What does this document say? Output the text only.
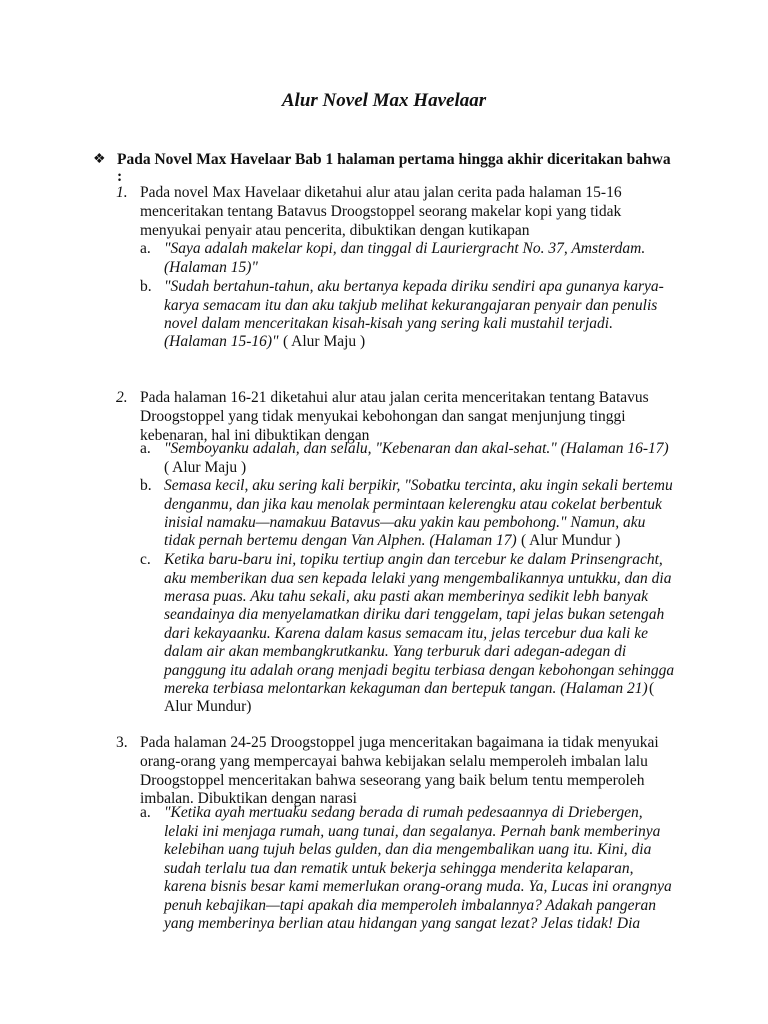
Alur Novel Max Havelaar
❖ Pada Novel Max Havelaar Bab 1 halaman pertama hingga akhir diceritakan bahwa
:
1. Pada novel Max Havelaar diketahui alur atau jalan cerita pada halaman 15-16
menceritakan tentang Batavus Droogstoppel seorang makelar kopi yang tidak
menyukai penyair atau pencerita, dibuktikan dengan kutikapan
a. "Saya adalah makelar kopi, dan tinggal di Lauriergracht No. 37, Amsterdam.
(Halaman 15)"
b. "Sudah bertahun-tahun, aku bertanya kepada diriku sendiri apa gunanya karya-
karya semacam itu dan aku takjub melihat kekurangajaran penyair dan penulis
novel dalam menceritakan kisah-kisah yang sering kali mustahil terjadi.
(Halaman 15-16)" ( Alur Maju )
2. Pada halaman 16-21 diketahui alur atau jalan cerita menceritakan tentang Batavus
Droogstoppel yang tidak menyukai kebohongan dan sangat menjunjung tinggi
kebenaran, hal ini dibuktikan dengan
a. "Semboyanku adalah, dan selalu, "Kebenaran dan akal-sehat." (Halaman 16-17)
( Alur Maju )
b. Semasa kecil, aku sering kali berpikir, "Sobatku tercinta, aku ingin sekali bertemu
denganmu, dan jika kau menolak permintaan kelerengku atau cokelat berbentuk
inisial namaku—namakuu Batavus—aku yakin kau pembohong." Namun, aku
tidak pernah bertemu dengan Van Alphen. (Halaman 17) ( Alur Mundur )
c. Ketika baru-baru ini, topiku tertiup angin dan tercebur ke dalam Prinsengracht,
aku memberikan dua sen kepada lelaki yang mengembalikannya untukku, dan dia
merasa puas. Aku tahu sekali, aku pasti akan memberinya sedikit lebh banyak
seandainya dia menyelamatkan diriku dari tenggelam, tapi jelas bukan setengah
dari kekayaanku. Karena dalam kasus semacam itu, jelas tercebur dua kali ke
dalam air akan membangkrutkanku. Yang terburuk dari adegan-adegan di
panggung itu adalah orang menjadi begitu terbiasa dengan kebohongan sehingga
mereka terbiasa melontarkan kekaguman dan bertepuk tangan. (Halaman 21) (
Alur Mundur)
3. Pada halaman 24-25 Droogstoppel juga menceritakan bagaimana ia tidak menyukai
orang-orang yang mempercayai bahwa kebijakan selalu memperoleh imbalan lalu
Droogstoppel menceritakan bahwa seseorang yang baik belum tentu memperoleh
imbalan. Dibuktikan dengan narasi
a. "Ketika ayah mertuaku sedang berada di rumah pedesaannya di Driebergen,
lelaki ini menjaga rumah, uang tunai, dan segalanya. Pernah bank memberinya
kelebihan uang tujuh belas gulden, dan dia mengembalikan uang itu. Kini, dia
sudah terlalu tua dan rematik untuk bekerja sehingga menderita kelaparan,
karena bisnis besar kami memerlukan orang-orang muda. Ya, Lucas ini orangnya
penuh kebajikan—tapi apakah dia memperoleh imbalannya? Adakah pangeran
yang memberinya berlian atau hidangan yang sangat lezat? Jelas tidak! Dia
